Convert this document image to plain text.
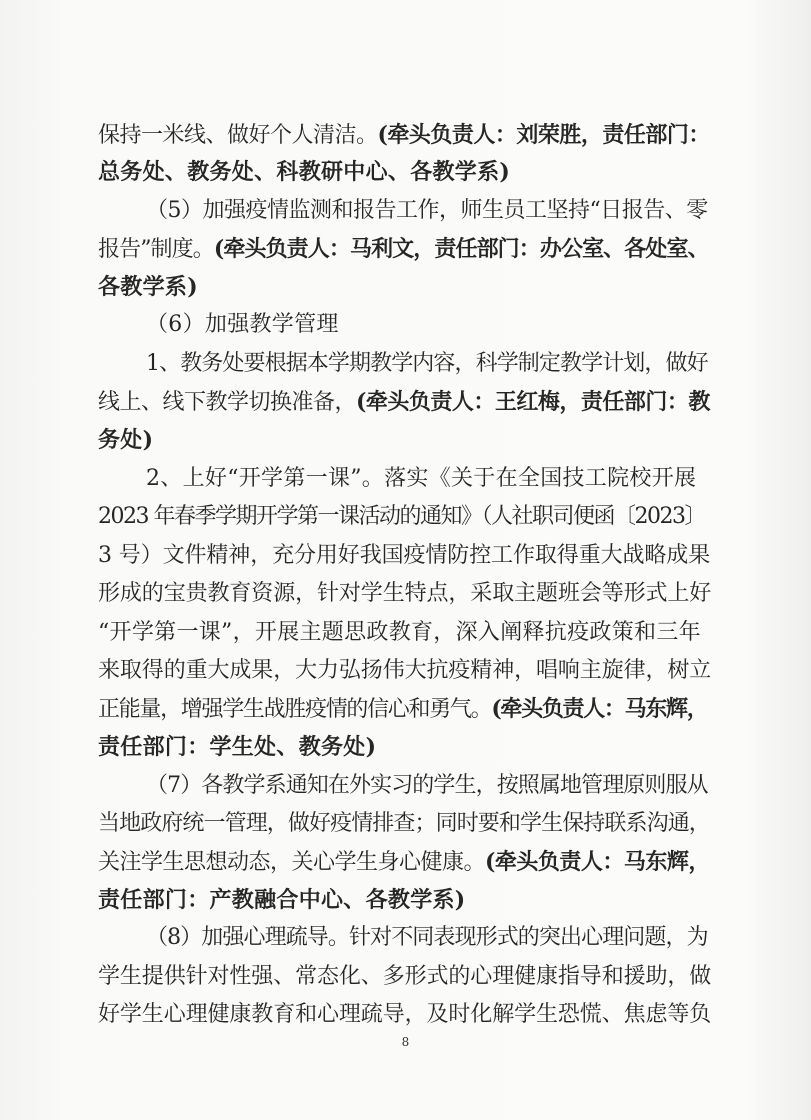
保持一米线、做好个人清洁。(牵头负责人：刘荣胜，责任部门：
总务处、教务处、科教研中心、各教学系)
（5）加强疫情监测和报告工作，师生员工坚持“日报告、零
报告”制度。(牵头负责人：马利文，责任部门：办公室、各处室、
各教学系)
（6）加强教学管理
1、教务处要根据本学期教学内容，科学制定教学计划，做好
线上、线下教学切换准备，(牵头负责人：王红梅，责任部门：教
务处)
2、上好“开学第一课”。落实《关于在全国技工院校开展
2023 年春季学期开学第一课活动的通知》（人社职司便函〔2023〕
3 号）文件精神，充分用好我国疫情防控工作取得重大战略成果
形成的宝贵教育资源，针对学生特点，采取主题班会等形式上好
“开学第一课”，开展主题思政教育，深入阐释抗疫政策和三年
来取得的重大成果，大力弘扬伟大抗疫精神，唱响主旋律，树立
正能量，增强学生战胜疫情的信心和勇气。(牵头负责人：马东辉，
责任部门：学生处、教务处)
（7）各教学系通知在外实习的学生，按照属地管理原则服从
当地政府统一管理，做好疫情排查；同时要和学生保持联系沟通，
关注学生思想动态，关心学生身心健康。(牵头负责人：马东辉，
责任部门：产教融合中心、各教学系)
（8）加强心理疏导。针对不同表现形式的突出心理问题，为
学生提供针对性强、常态化、多形式的心理健康指导和援助，做
好学生心理健康教育和心理疏导，及时化解学生恐慌、焦虑等负
8
